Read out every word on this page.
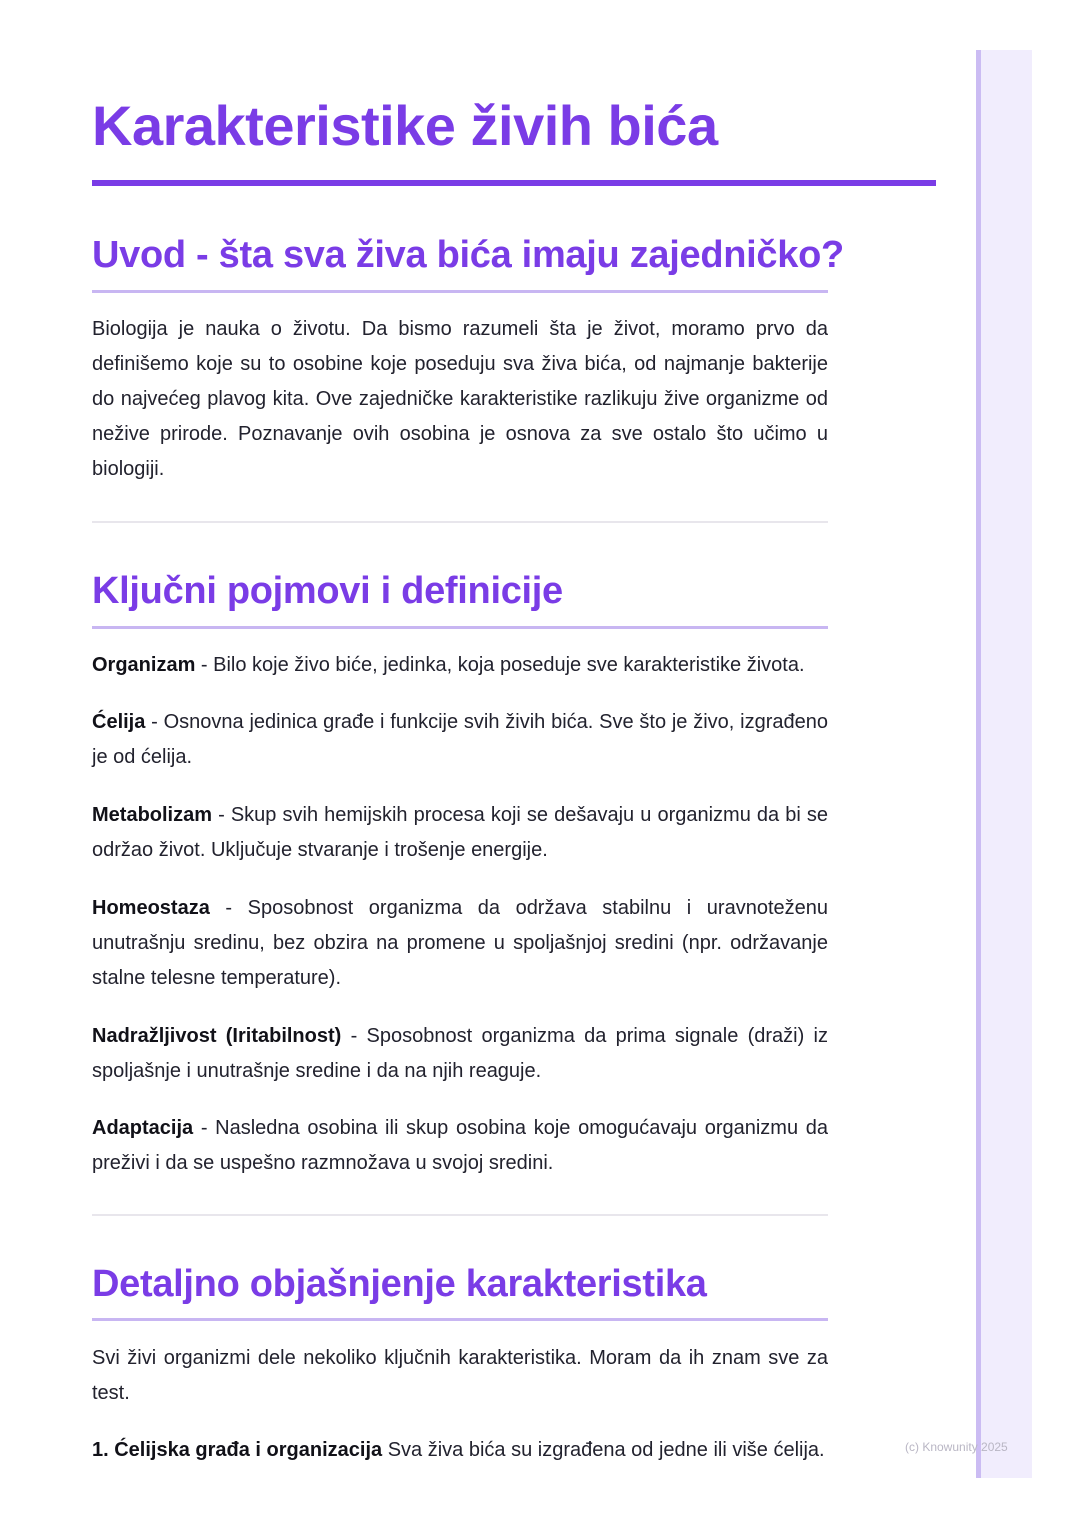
Karakteristike živih bića
Uvod - šta sva živa bića imaju zajedničko?

Biologija je nauka o životu. Da bismo razumeli šta je život, moramo prvo da definišemo koje su to osobine koje poseduju sva živa bića, od najmanje bakterije do najvećeg plavog kita. Ove zajedničke karakteristike razlikuju žive organizme od nežive prirode. Poznavanje ovih osobina je osnova za sve ostalo što učimo u biologiji.

Ključni pojmovi i definicije

Organizam - Bilo koje živo biće, jedinka, koja poseduje sve karakteristike života.

Ćelija - Osnovna jedinica građe i funkcije svih živih bića. Sve što je živo, izgrađeno je od ćelija.

Metabolizam - Skup svih hemijskih procesa koji se dešavaju u organizmu da bi se održao život. Uključuje stvaranje i trošenje energije.

Homeostaza - Sposobnost organizma da održava stabilnu i uravnoteženu unutrašnju sredinu, bez obzira na promene u spoljašnjoj sredini (npr. održavanje stalne telesne temperature).

Nadražljivost (Iritabilnost) - Sposobnost organizma da prima signale (draži) iz spoljašnje i unutrašnje sredine i da na njih reaguje.

Adaptacija - Nasledna osobina ili skup osobina koje omogućavaju organizmu da preživi i da se uspešno razmnožava u svojoj sredini.

Detaljno objašnjenje karakteristika

Svi živi organizmi dele nekoliko ključnih karakteristika. Moram da ih znam sve za test.

1. Ćelijska građa i organizacija Sva živa bića su izgrađena od jedne ili više ćelija.	(c) Knowunity 2025
